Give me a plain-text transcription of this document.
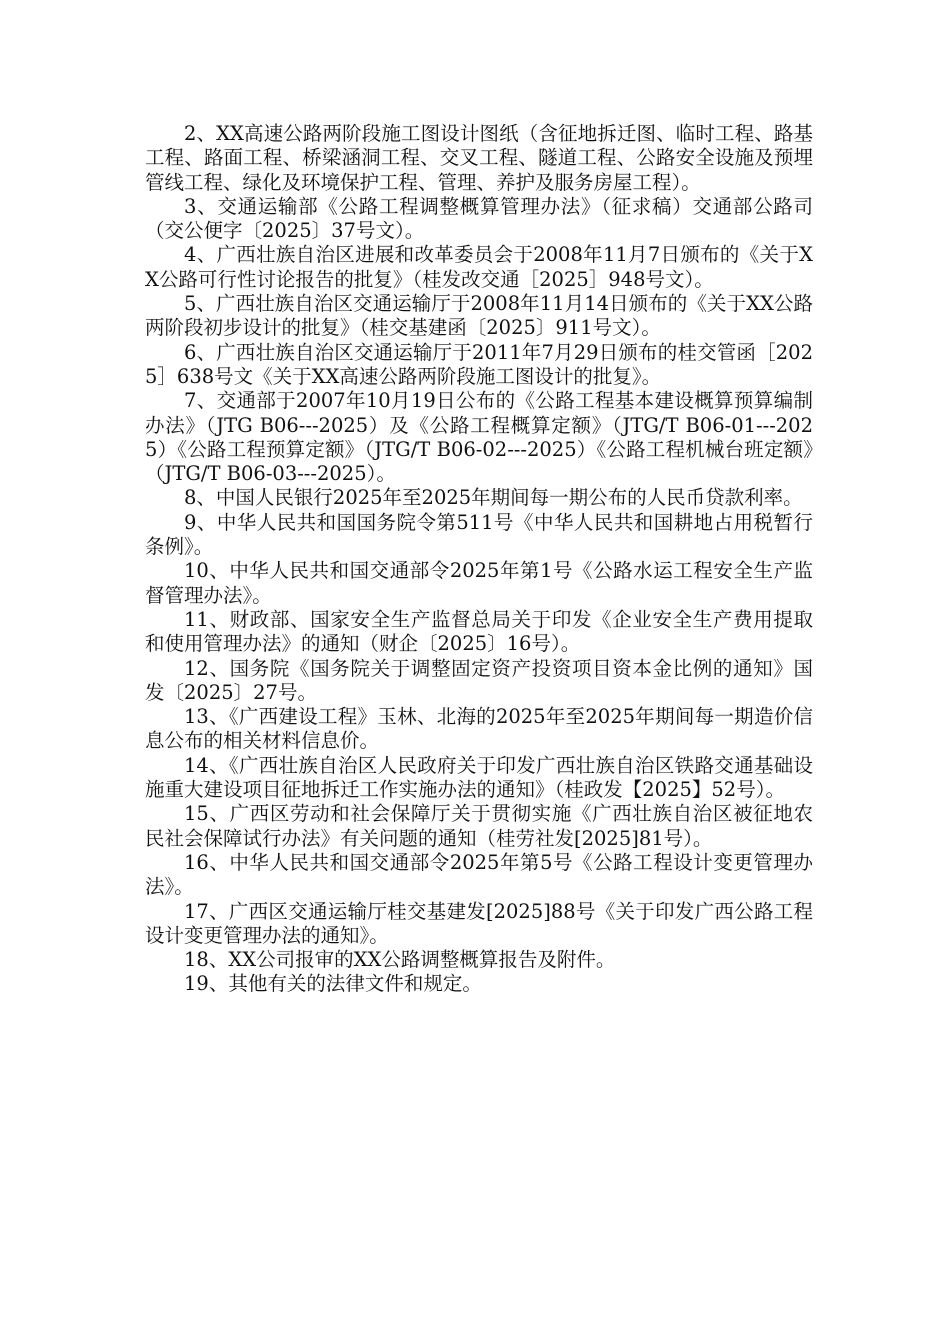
2、XX高速公路两阶段施工图设计图纸（含征地拆迁图、临时工程、路基工程、路面工程、桥梁涵洞工程、交叉工程、隧道工程、公路安全设施及预埋管线工程、绿化及环境保护工程、管理、养护及服务房屋工程）。

3、交通运输部《公路工程调整概算管理办法》（征求稿）交通部公路司（交公便字〔2025〕37号文）。

4、广西壮族自治区进展和改革委员会于2008年11月7日颁布的《关于XX公路可行性讨论报告的批复》（桂发改交通［2025］948号文）。

5、广西壮族自治区交通运输厅于2008年11月14日颁布的《关于XX公路两阶段初步设计的批复》（桂交基建函〔2025〕911号文）。

6、广西壮族自治区交通运输厅于2011年7月29日颁布的桂交管函［2025］638号文《关于XX高速公路两阶段施工图设计的批复》。

7、交通部于2007年10月19日公布的《公路工程基本建设概算预算编制办法》（JTG B06---2025）及《公路工程概算定额》（JTG/T B06-01---2025）《公路工程预算定额》（JTG/T B06-02---2025）《公路工程机械台班定额》（JTG/T B06-03---2025）。

8、中国人民银行2025年至2025年期间每一期公布的人民币贷款利率。

9、中华人民共和国国务院令第511号《中华人民共和国耕地占用税暂行条例》。

10、中华人民共和国交通部令2025年第1号《公路水运工程安全生产监督管理办法》。

11、财政部、国家安全生产监督总局关于印发《企业安全生产费用提取和使用管理办法》的通知（财企〔2025〕16号）。

12、国务院《国务院关于调整固定资产投资项目资本金比例的通知》国发〔2025〕27号。

13、《广西建设工程》玉林、北海的2025年至2025年期间每一期造价信息公布的相关材料信息价。

14、《广西壮族自治区人民政府关于印发广西壮族自治区铁路交通基础设施重大建设项目征地拆迁工作实施办法的通知》（桂政发【2025】52号）。

15、广西区劳动和社会保障厅关于贯彻实施《广西壮族自治区被征地农民社会保障试行办法》有关问题的通知（桂劳社发[2025]81号）。

16、中华人民共和国交通部令2025年第5号《公路工程设计变更管理办法》。

17、广西区交通运输厅桂交基建发[2025]88号《关于印发广西公路工程设计变更管理办法的通知》。

18、XX公司报审的XX公路调整概算报告及附件。

19、其他有关的法律文件和规定。
